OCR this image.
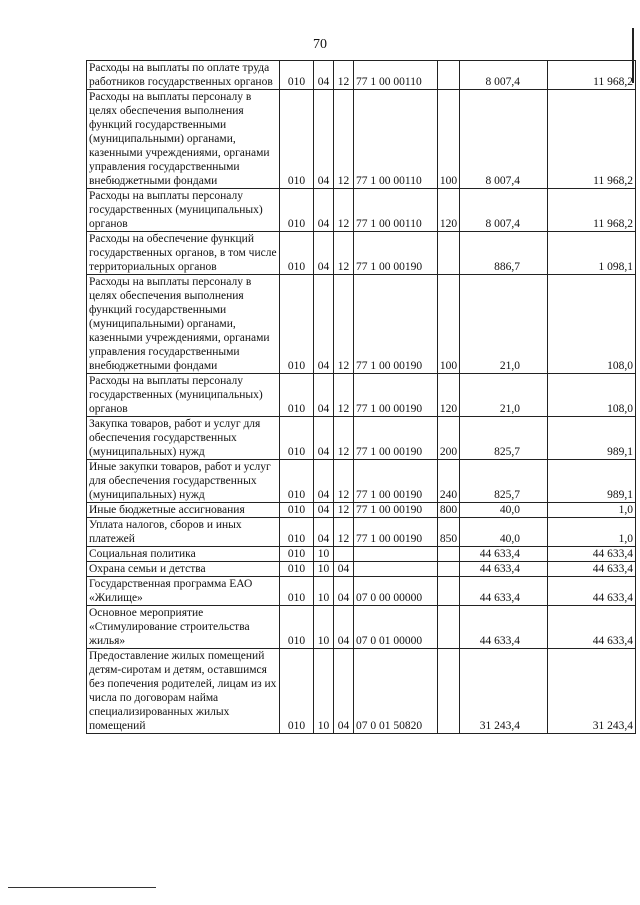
70
Расходы на выплаты по оплате труда работников государственных органов	010	04	12	77 1 00 00110		8 007,4	11 968,2
Расходы на выплаты персоналу в целях обеспечения выполнения функций государственными (муниципальными) органами, казенными учреждениями, органами управления государственными внебюджетными фондами	010	04	12	77 1 00 00110	100	8 007,4	11 968,2
Расходы на выплаты персоналу государственных (муниципальных) органов	010	04	12	77 1 00 00110	120	8 007,4	11 968,2
Расходы на обеспечение функций государственных органов, в том числе территориальных органов	010	04	12	77 1 00 00190		886,7	1 098,1
Расходы на выплаты персоналу в целях обеспечения выполнения функций государственными (муниципальными) органами, казенными учреждениями, органами управления государственными внебюджетными фондами	010	04	12	77 1 00 00190	100	21,0	108,0
Расходы на выплаты персоналу государственных (муниципальных) органов	010	04	12	77 1 00 00190	120	21,0	108,0
Закупка товаров, работ и услуг для обеспечения государственных (муниципальных) нужд	010	04	12	77 1 00 00190	200	825,7	989,1
Иные закупки товаров, работ и услуг для обеспечения государственных (муниципальных) нужд	010	04	12	77 1 00 00190	240	825,7	989,1
Иные бюджетные ассигнования	010	04	12	77 1 00 00190	800	40,0	1,0
Уплата налогов, сборов и иных платежей	010	04	12	77 1 00 00190	850	40,0	1,0
Социальная политика	010	10				44 633,4	44 633,4
Охрана семьи и детства	010	10	04			44 633,4	44 633,4
Государственная программа ЕАО «Жилище»	010	10	04	07 0 00 00000		44 633,4	44 633,4
Основное мероприятие «Стимулирование строительства жилья»	010	10	04	07 0 01 00000		44 633,4	44 633,4
Предоставление жилых помещений детям-сиротам и детям, оставшимся без попечения родителей, лицам из их числа по договорам найма специализированных жилых помещений	010	10	04	07 0 01 50820		31 243,4	31 243,4
